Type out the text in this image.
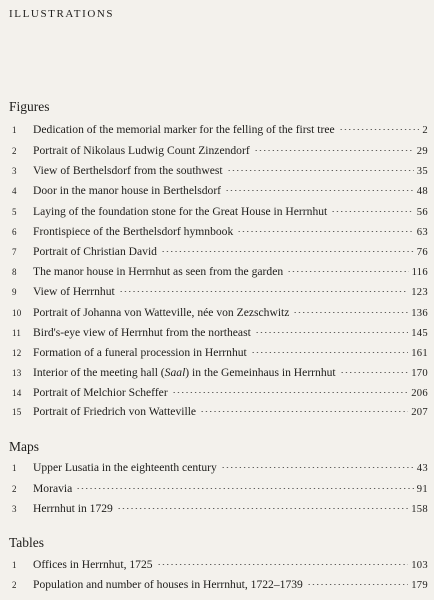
ILLUSTRATIONS
Figures
1	Dedication of the memorial marker for the felling of the first tree	2
2	Portrait of Nikolaus Ludwig Count Zinzendorf	29
3	View of Berthelsdorf from the southwest	35
4	Door in the manor house in Berthelsdorf	48
5	Laying of the foundation stone for the Great House in Herrnhut	56
6	Frontispiece of the Berthelsdorf hymnbook	63
7	Portrait of Christian David	76
8	The manor house in Herrnhut as seen from the garden	116
9	View of Herrnhut	123
10 Portrait of Johanna von Watteville, née von Zezschwitz	136
11	Bird's-eye view of Herrnhut from the northeast	145
12 Formation of a funeral procession in Herrnhut	161
13 Interior of the meeting hall (Saal) in the Gemeinhaus in Herrnhut	170
14 Portrait of Melchior Scheffer	206
15 Portrait of Friedrich von Watteville	207
Maps
1	Upper Lusatia in the eighteenth century	43
2	Moravia	91
3	Herrnhut in 1729	158
Tables
1	Offices in Herrnhut, 1725	103
2	Population and number of houses in Herrnhut, 1722–1739	179
